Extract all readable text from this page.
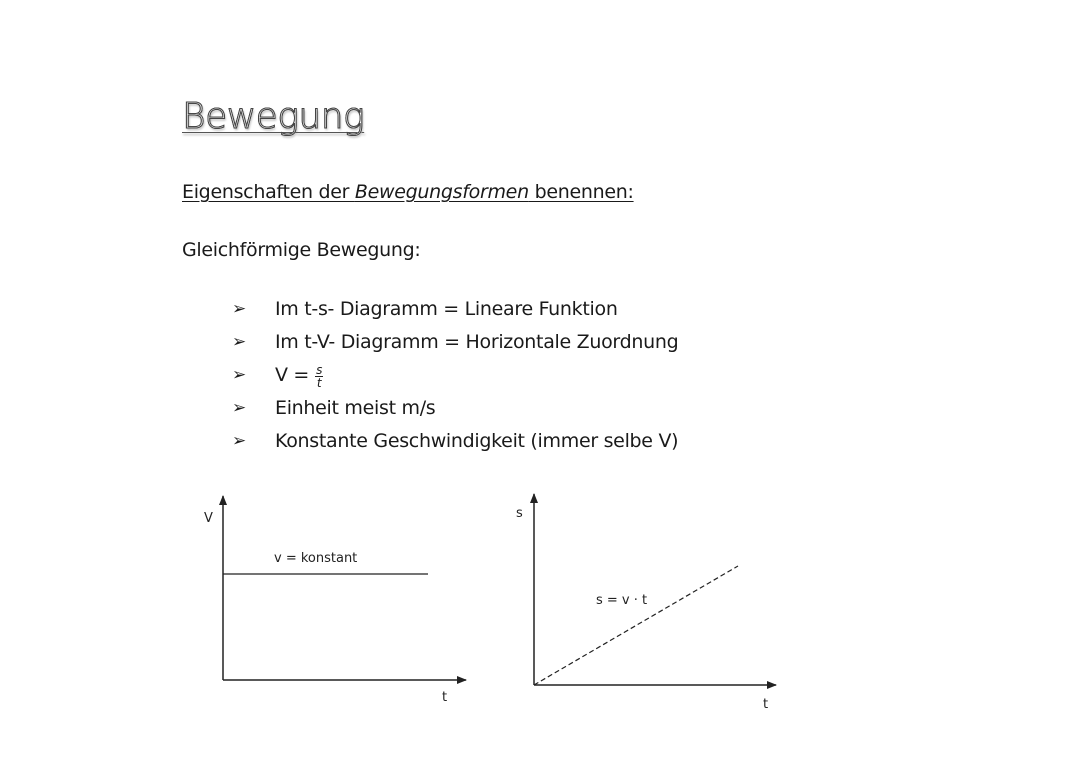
Bewegung
Eigenschaften der Bewegungsformen benennen:
Gleichförmige Bewegung:
➢ Im t-s- Diagramm = Lineare Funktion
➢ Im t-V- Diagramm = Horizontale Zuordnung
➢ $V = \frac{s}{t}$
➢ Einheit meist m/s
➢ Konstante Geschwindigkeit (immer selbe V)
V
t
v = konstant
s
t
s = v · t
